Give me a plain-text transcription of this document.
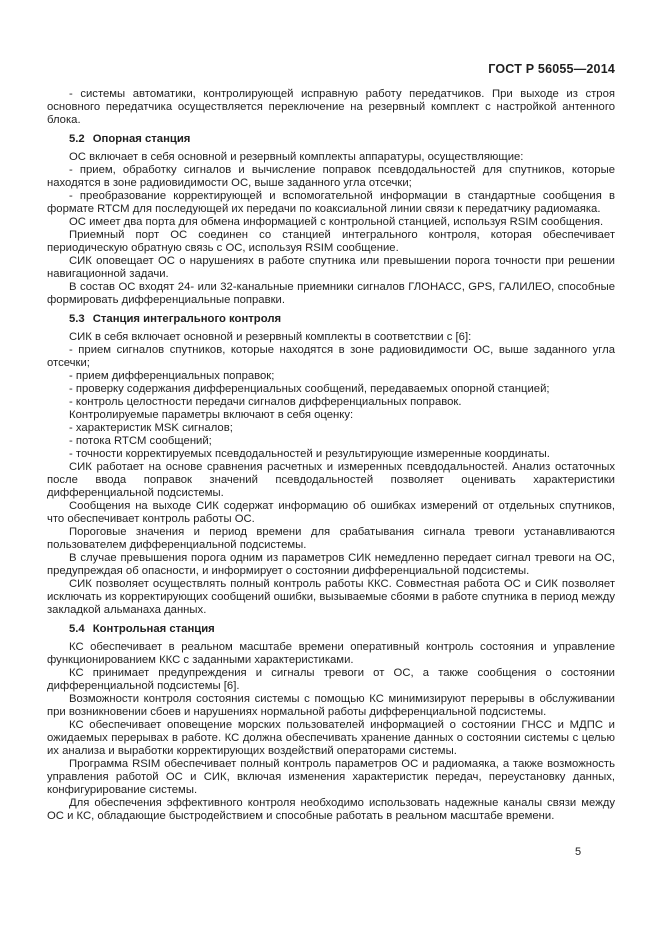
ГОСТ Р 56055—2014

- системы автоматики, контролирующей исправную работу передатчиков. При выходе из строя основного передатчика осуществляется переключение на резервный комплект с настройкой антенного блока.

5.2 Опорная станция

ОС включает в себя основной и резервный комплекты аппаратуры, осуществляющие:

- прием, обработку сигналов и вычисление поправок псевдодальностей для спутников, которые находятся в зоне радиовидимости ОС, выше заданного угла отсечки;

- преобразование корректирующей и вспомогательной информации в стандартные сообщения в формате RTCM для последующей их передачи по коаксиальной линии связи к передатчику радиомаяка.

ОС имеет два порта для обмена информацией с контрольной станцией, используя RSIM сообщения.

Приемный порт ОС соединен со станцией интегрального контроля, которая обеспечивает периодическую обратную связь с ОС, используя RSIM сообщение.

СИК оповещает ОС о нарушениях в работе спутника или превышении порога точности при решении навигационной задачи.

В состав ОС входят 24- или 32-канальные приемники сигналов ГЛОНАСС, GPS, ГАЛИЛЕО, способные формировать дифференциальные поправки.

5.3 Станция интегрального контроля

СИК в себя включает основной и резервный комплекты в соответствии с [6]:

- прием сигналов спутников, которые находятся в зоне радиовидимости ОС, выше заданного угла отсечки;

- прием дифференциальных поправок;

- проверку содержания дифференциальных сообщений, передаваемых опорной станцией;

- контроль целостности передачи сигналов дифференциальных поправок.

Контролируемые параметры включают в себя оценку:

- характеристик MSK сигналов;

- потока RTCM сообщений;

- точности корректируемых псевдодальностей и результирующие измеренные координаты.

СИК работает на основе сравнения расчетных и измеренных псевдодальностей. Анализ остаточных после ввода поправок значений псевдодальностей позволяет оценивать характеристики дифференциальной подсистемы.

Сообщения на выходе СИК содержат информацию об ошибках измерений от отдельных спутников, что обеспечивает контроль работы ОС.

Пороговые значения и период времени для срабатывания сигнала тревоги устанавливаются пользователем дифференциальной подсистемы.

В случае превышения порога одним из параметров СИК немедленно передает сигнал тревоги на ОС, предупреждая об опасности, и информирует о состоянии дифференциальной подсистемы.

СИК позволяет осуществлять полный контроль работы ККС. Совместная работа ОС и СИК позволяет исключать из корректирующих сообщений ошибки, вызываемые сбоями в работе спутника в период между закладкой альманаха данных.

5.4 Контрольная станция

КС обеспечивает в реальном масштабе времени оперативный контроль состояния и управление функционированием ККС с заданными характеристиками.

КС принимает предупреждения и сигналы тревоги от ОС, а также сообщения о состоянии дифференциальной подсистемы [6].

Возможности контроля состояния системы с помощью КС минимизируют перерывы в обслуживании при возникновении сбоев и нарушениях нормальной работы дифференциальной подсистемы.

КС обеспечивает оповещение морских пользователей информацией о состоянии ГНСС и МДПС и ожидаемых перерывах в работе. КС должна обеспечивать хранение данных о состоянии системы с целью их анализа и выработки корректирующих воздействий операторами системы.

Программа RSIM обеспечивает полный контроль параметров ОС и радиомаяка, а также возможность управления работой ОС и СИК, включая изменения характеристик передач, переустановку данных, конфигурирование системы.

Для обеспечения эффективного контроля необходимо использовать надежные каналы связи между ОС и КС, обладающие быстродействием и способные работать в реальном масштабе времени.

5
